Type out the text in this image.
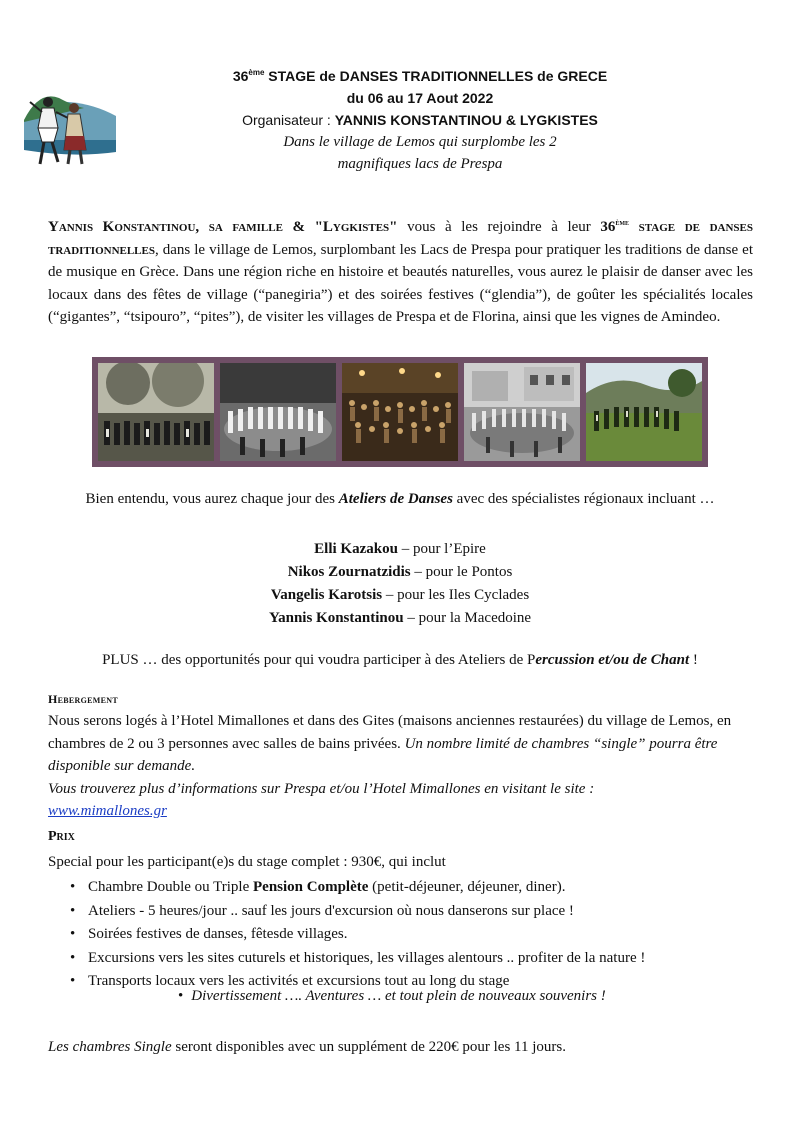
36ème STAGE de DANSES TRADITIONNELLES de GRECE
du 06 au 17 Aout 2022
Organisateur : YANNIS KONSTANTINOU & LYGKISTES
Dans le village de Lemos qui surplombe les 2
magnifiques lacs de Prespa
Yannis Konstantinou, sa famille & "Lygkistes" vous à les rejoindre à leur 36ème stage de danses traditionnelles, dans le village de Lemos, surplombant les Lacs de Prespa pour pratiquer les traditions de danse et de musique en Grèce. Dans une région riche en histoire et beautés naturelles, vous aurez le plaisir de danser avec les locaux dans des fêtes de village (“panegiria”) et des soirées festives (“glendia”), de goûter les spécialités locales (“gigantes”, “tsipouro”, “pites”), de visiter les villages de Prespa et de Florina, ainsi que les vignes de Amindeo.
Bien entendu, vous aurez chaque jour des Ateliers de Danses avec des spécialistes régionaux incluant …
Elli Kazakou – pour l’Epire
Nikos Zournatzidis – pour le Pontos
Vangelis Karotsis – pour les Iles Cyclades
Yannis Konstantinou – pour la Macedoine
PLUS … des opportunités pour qui voudra participer à des Ateliers de Percussion et/ou de Chant !
Hebergement
Nous serons logés à l’Hotel Mimallones et dans des Gites (maisons anciennes restaurées) du village de Lemos, en chambres de 2 ou 3 personnes avec salles de bains privées. Un nombre limité de chambres “single” pourra être disponible sur demande.
Vous trouverez plus d’informations sur Prespa et/ou l’Hotel Mimallones en visitant le site :
www.mimallones.gr
Prix
Special pour les participant(e)s du stage complet : 930€, qui inclut
• Chambre Double ou Triple Pension Complète (petit-déjeuner, déjeuner, diner).
• Ateliers - 5 heures/jour .. sauf les jours d'excursion où nous danserons sur place !
• Soirées festives de danses, fêtesde villages.
• Excursions vers les sites cuturels et historiques, les villages alentours .. profiter de la nature !
• Transports locaux vers les activités et excursions tout au long du stage
• Divertissement …. Aventures … et tout plein de nouveaux souvenirs !
Les chambres Single seront disponibles avec un supplément de 220€ pour les 11 jours.
